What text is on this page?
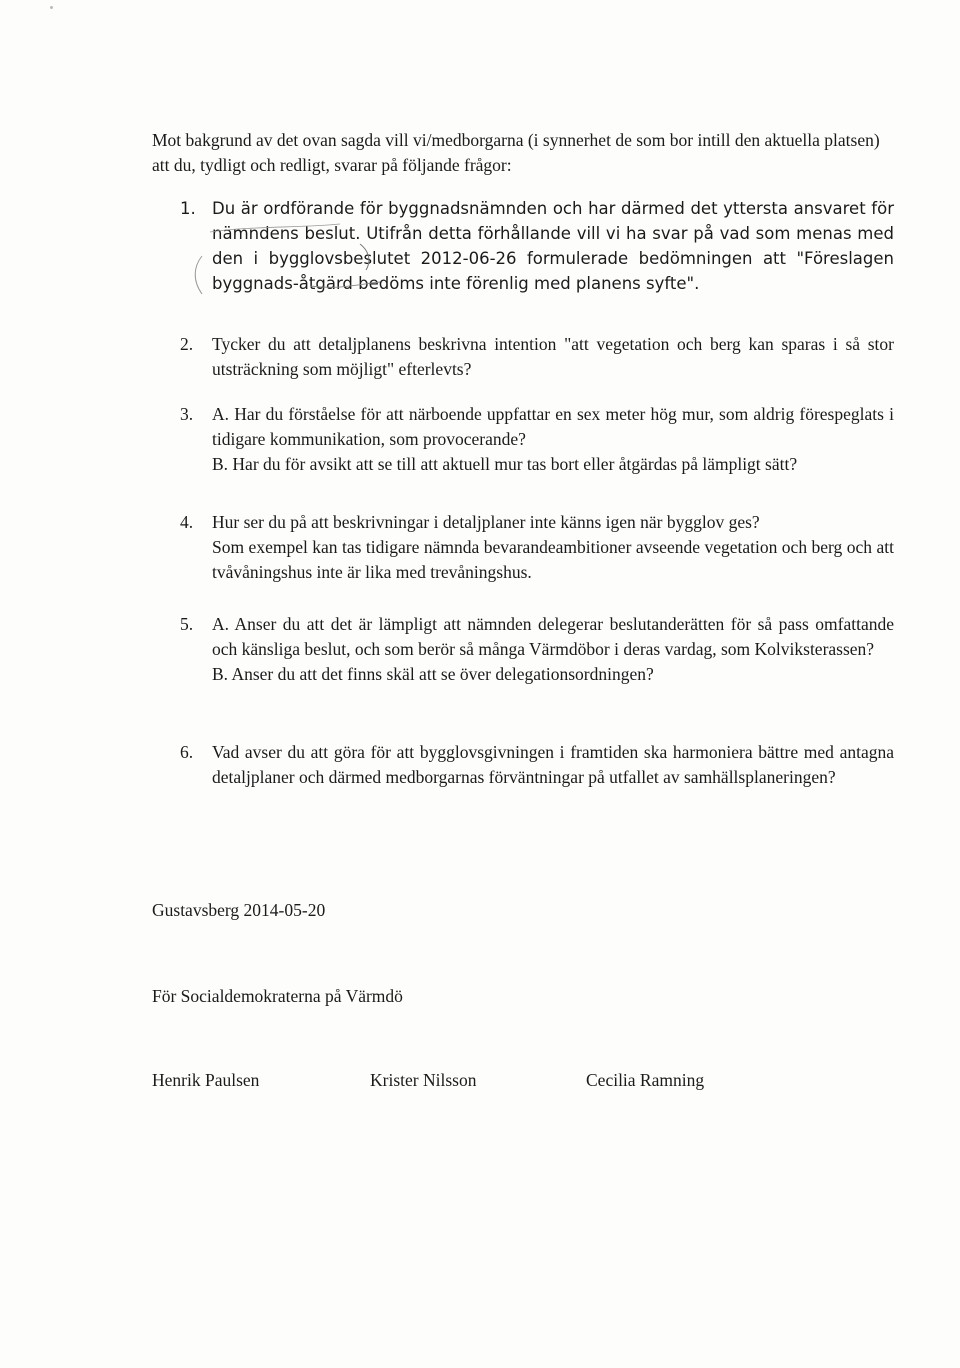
Mot bakgrund av det ovan sagda vill vi/medborgarna (i synnerhet de som bor intill den aktuella platsen) att du, tydligt och redligt, svarar på följande frågor:

1. Du är ordförande för byggnadsnämnden och har därmed det yttersta ansvaret för nämndens beslut. Utifrån detta förhållande vill vi ha svar på vad som menas med den i bygglovsbeslutet 2012-06-26 formulerade bedömningen att "Föreslagen byggnads-åtgärd bedöms inte förenlig med planens syfte".

2.	Tycker du att detaljplanens beskrivna intention "att vegetation och berg kan sparas i så stor utsträckning som möjligt" efterlevts?

3.	A. Har du förståelse för att närboende uppfattar en sex meter hög mur, som aldrig förespeglats i tidigare kommunikation, som provocerande?

B. Har du för avsikt att se till att aktuell mur tas bort eller åtgärdas på lämpligt sätt?

4.	Hur ser du på att beskrivningar i detaljplaner inte känns igen när bygglov ges?

Som exempel kan tas tidigare nämnda bevarandeambitioner avseende vegetation och berg och att tvåvåningshus inte är lika med trevåningshus.

5.	A. Anser du att det är lämpligt att nämnden delegerar beslutanderätten för så pass omfattande och känsliga beslut, och som berör så många Värmdöbor i deras vardag, som Kolviksterassen?

B. Anser du att det finns skäl att se över delegationsordningen?

6.	Vad avser du att göra för att bygglovsgivningen i framtiden ska harmoniera bättre med antagna detaljplaner och därmed medborgarnas förväntningar på utfallet av samhällsplaneringen?

Gustavsberg 2014-05-20
För Socialdemokraterna på Värmdö
Henrik Paulsen	Krister Nilsson	Cecilia Ramning
